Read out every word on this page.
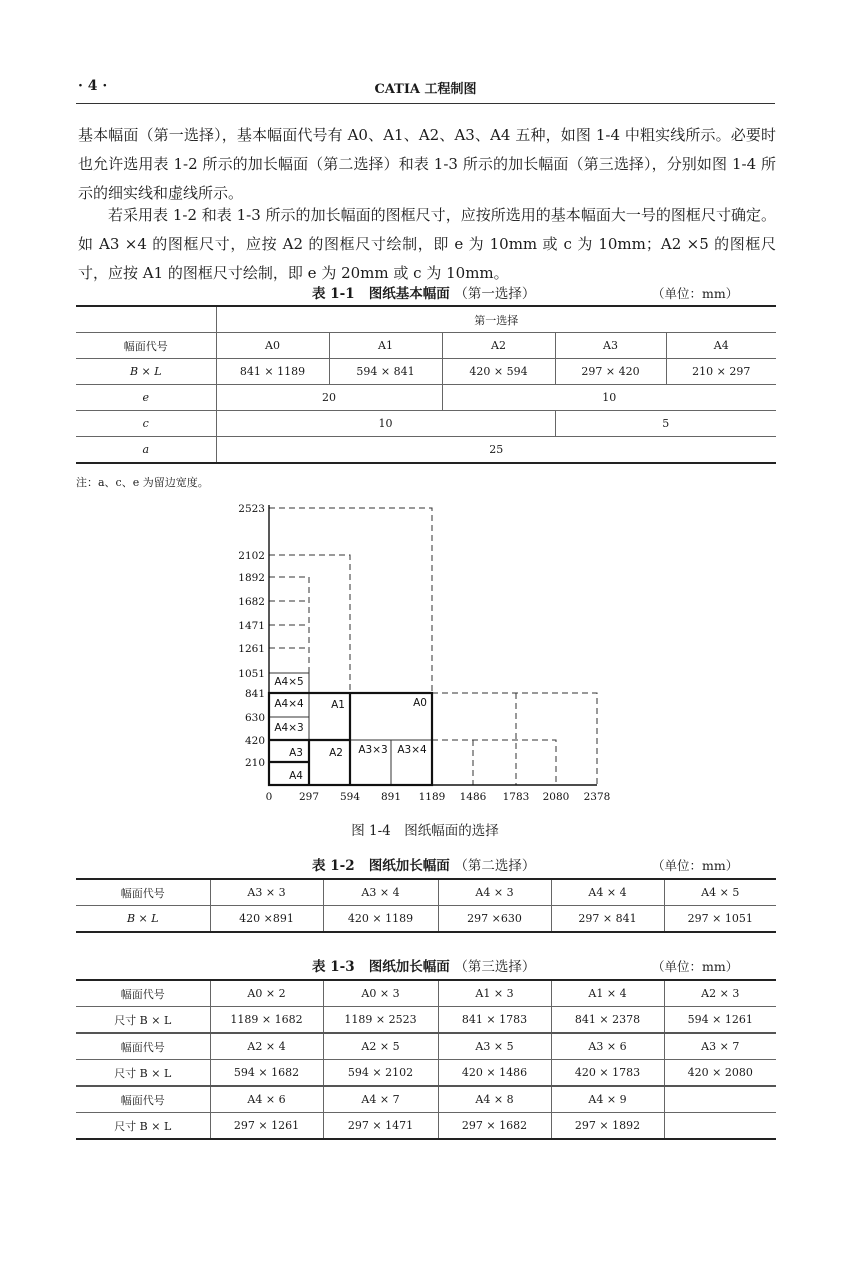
· 4 ·	CATIA 工程制图

基本幅面（第一选择），基本幅面代号有 A0、A1、A2、A3、A4 五种，如图 1-4 中粗实线所示。必要时也允许选用表 1-2 所示的加长幅面（第二选择）和表 1-3 所示的加长幅面（第三选择），分别如图 1-4 所示的细实线和虚线所示。

若采用表 1-2 和表 1-3 所示的加长幅面的图框尺寸，应按所选用的基本幅面大一号的图框尺寸确定。如 A3 ×4 的图框尺寸，应按 A2 的图框尺寸绘制，即 e 为 10mm 或 c 为 10mm；A2 ×5 的图框尺寸，应按 A1 的图框尺寸绘制，即 e 为 20mm 或 c 为 10mm。

表 1-1 图纸基本幅面 （第一选择）	（单位：mm）
	第一选择				
幅面代号	A0	A1	A2	A3	A4
B × L	841 × 1189	594 × 841	420 × 594	297 × 420	210 × 297
e	20		10		
c	10			5	
a	25				
注：a、c、e 为留边宽度。
2523
2102
1892
1682
1471
1261
1051
841
630
420
210
0	297 594 891 1189 1486 1783 2080 2378
A4×5
A4×4
A4×3
A3
A4
A2
A1	A0
A3×3 A3×4
图 1-4　图纸幅面的选择
表 1-2 图纸加长幅面 （第二选择）	（单位：mm）
幅面代号	A3 × 3	A3 × 4	A4 × 3	A4 × 4	A4 × 5
B × L	420 ×891	420 × 1189	297 ×630	297 × 841	297 × 1051
表 1-3 图纸加长幅面 （第三选择）	（单位：mm）
幅面代号	A0 × 2	A0 × 3	A1 × 3	A1 × 4	A2 × 3
尺寸 B × L	1189 × 1682	1189 × 2523	841 × 1783	841 × 2378	594 × 1261
幅面代号	A2 × 4	A2 × 5	A3 × 5	A3 × 6	A3 × 7
尺寸 B × L	594 × 1682	594 × 2102	420 × 1486	420 × 1783	420 × 2080
幅面代号	A4 × 6	A4 × 7	A4 × 8	A4 × 9	
尺寸 B × L	297 × 1261	297 × 1471	297 × 1682	297 × 1892	
